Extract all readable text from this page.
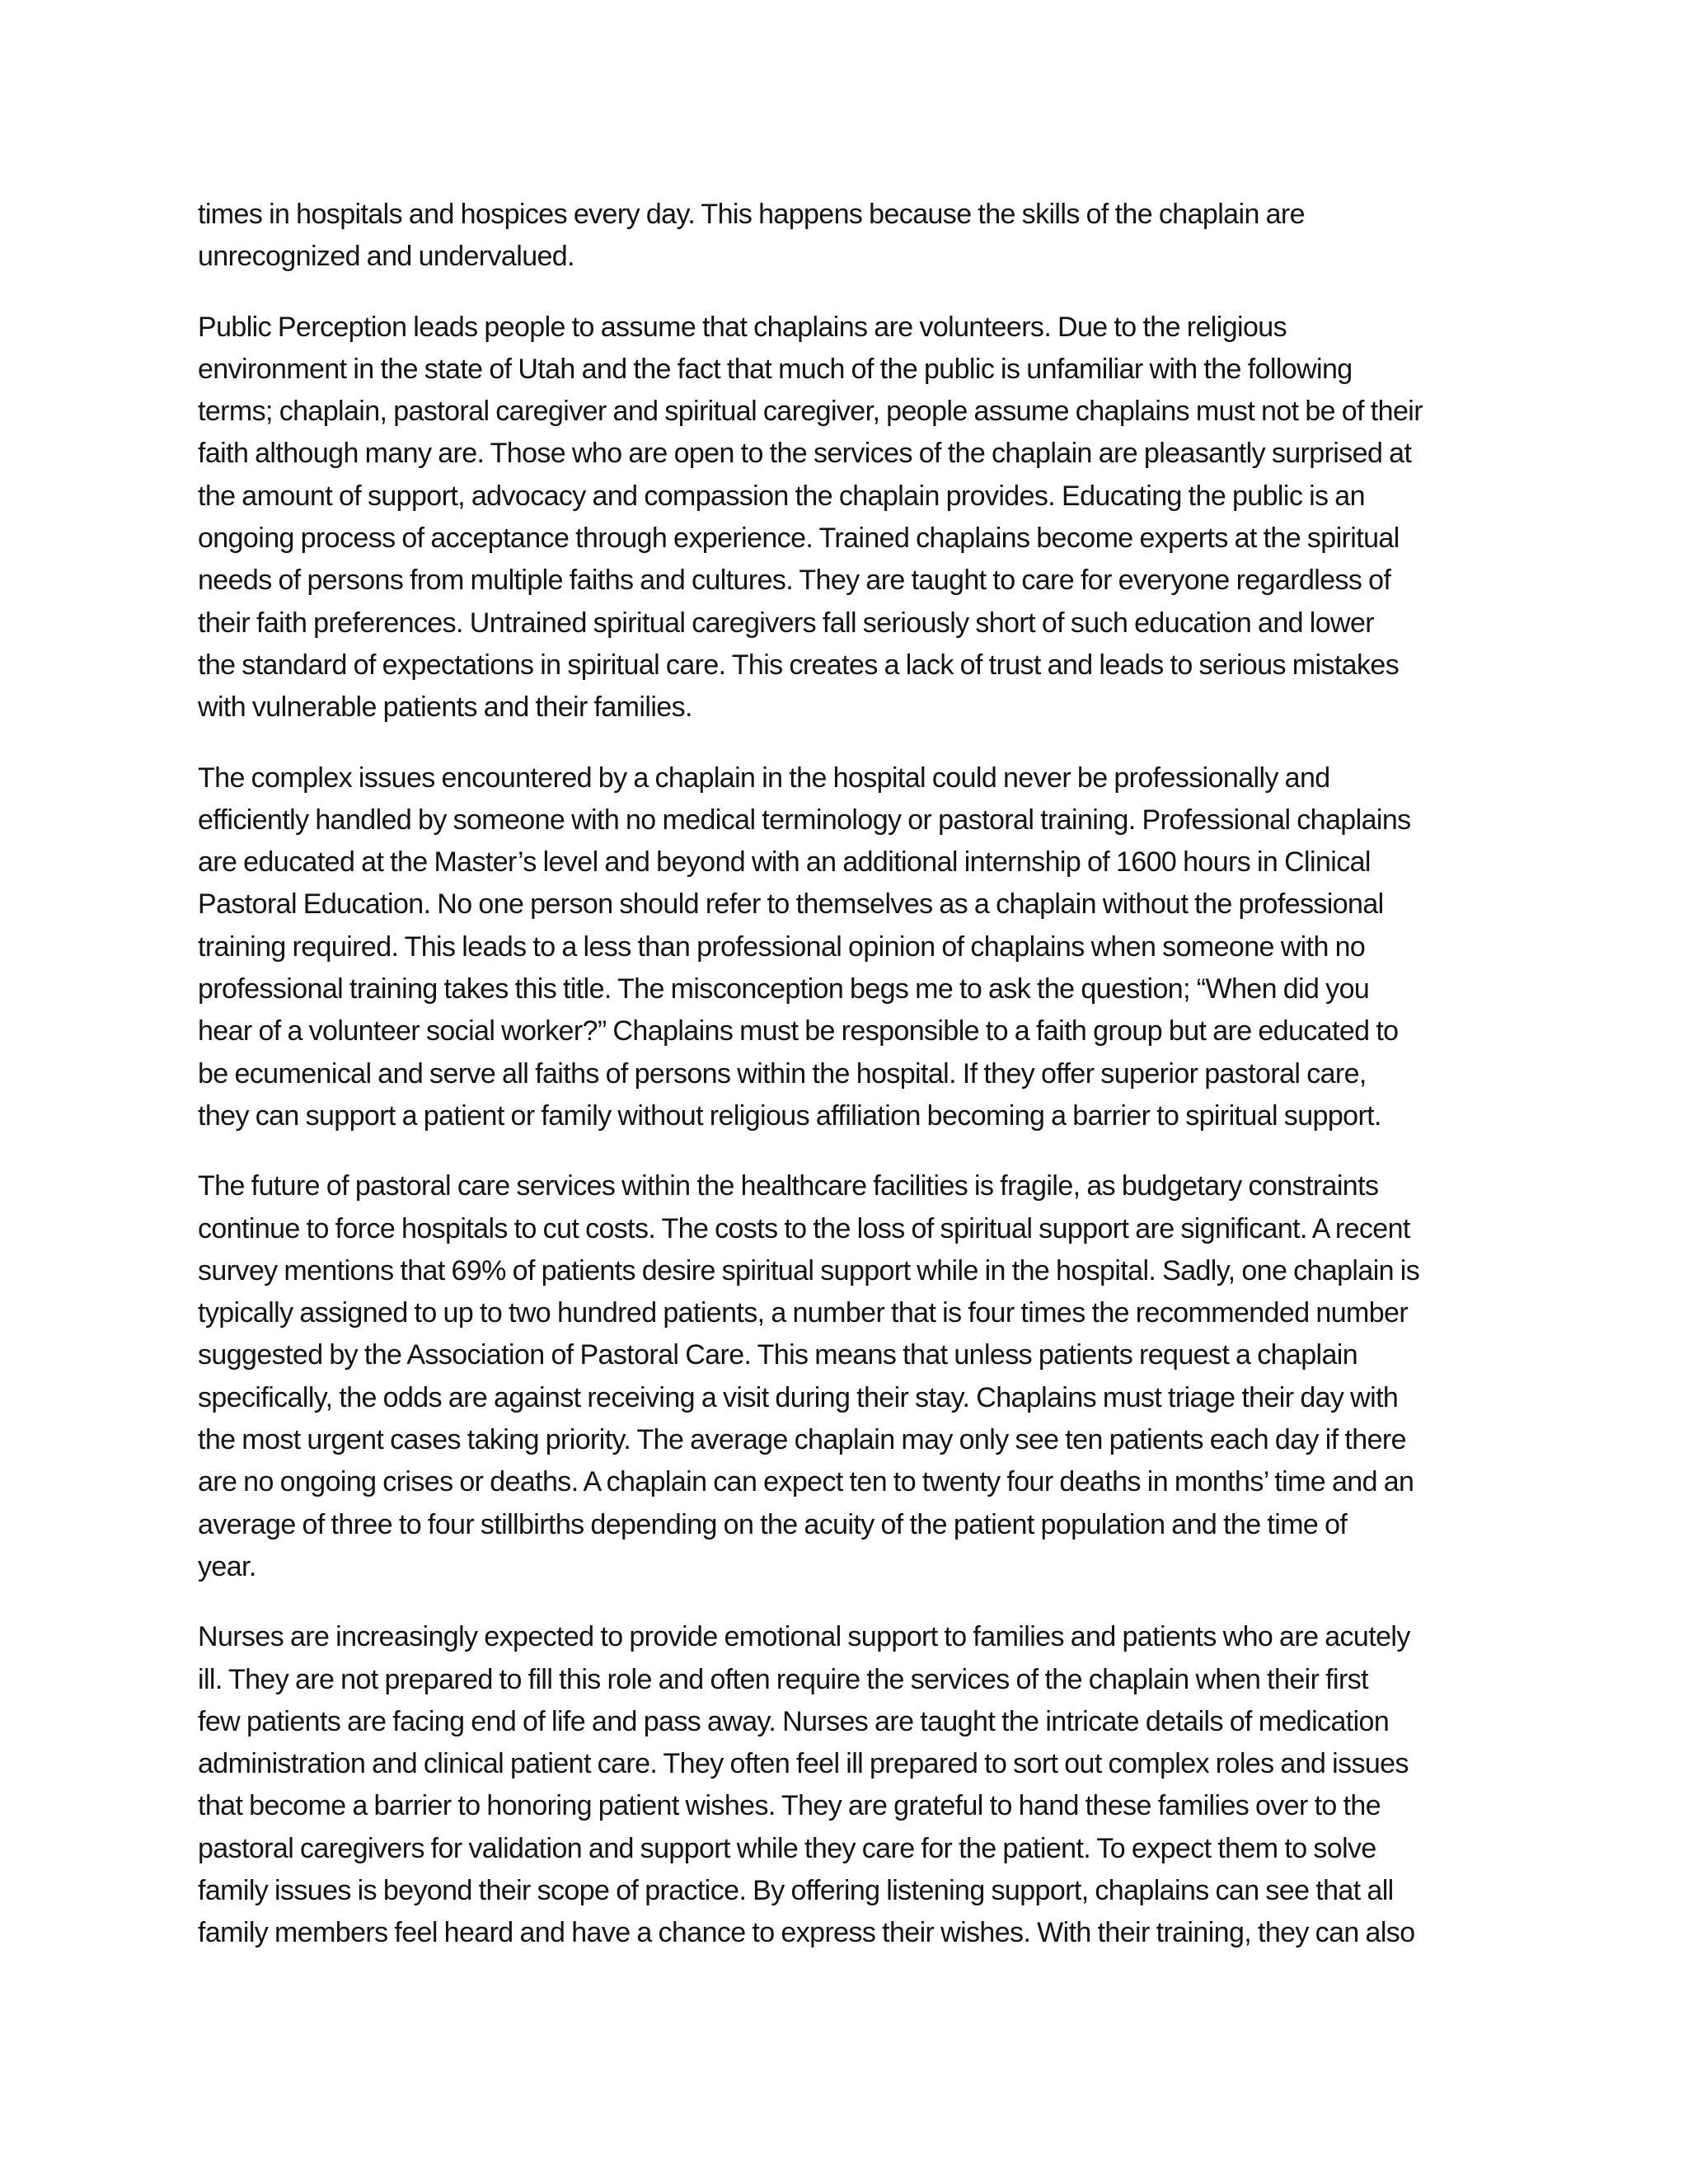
times in hospitals and hospices every day. This happens because the skills of the chaplain are
unrecognized and undervalued.

Public Perception leads people to assume that chaplains are volunteers. Due to the religious
environment in the state of Utah and the fact that much of the public is unfamiliar with the following
terms; chaplain, pastoral caregiver and spiritual caregiver, people assume chaplains must not be of their
faith although many are. Those who are open to the services of the chaplain are pleasantly surprised at
the amount of support, advocacy and compassion the chaplain provides. Educating the public is an
ongoing process of acceptance through experience. Trained chaplains become experts at the spiritual
needs of persons from multiple faiths and cultures. They are taught to care for everyone regardless of
their faith preferences. Untrained spiritual caregivers fall seriously short of such education and lower
the standard of expectations in spiritual care. This creates a lack of trust and leads to serious mistakes
with vulnerable patients and their families.

The complex issues encountered by a chaplain in the hospital could never be professionally and
efficiently handled by someone with no medical terminology or pastoral training. Professional chaplains
are educated at the Master’s level and beyond with an additional internship of 1600 hours in Clinical
Pastoral Education. No one person should refer to themselves as a chaplain without the professional
training required. This leads to a less than professional opinion of chaplains when someone with no
professional training takes this title. The misconception begs me to ask the question; “When did you
hear of a volunteer social worker?” Chaplains must be responsible to a faith group but are educated to
be ecumenical and serve all faiths of persons within the hospital. If they offer superior pastoral care,
they can support a patient or family without religious affiliation becoming a barrier to spiritual support.

The future of pastoral care services within the healthcare facilities is fragile, as budgetary constraints
continue to force hospitals to cut costs. The costs to the loss of spiritual support are significant. A recent
survey mentions that 69% of patients desire spiritual support while in the hospital. Sadly, one chaplain is
typically assigned to up to two hundred patients, a number that is four times the recommended number
suggested by the Association of Pastoral Care. This means that unless patients request a chaplain
specifically, the odds are against receiving a visit during their stay. Chaplains must triage their day with
the most urgent cases taking priority. The average chaplain may only see ten patients each day if there
are no ongoing crises or deaths. A chaplain can expect ten to twenty four deaths in months’ time and an
average of three to four stillbirths depending on the acuity of the patient population and the time of
year.

Nurses are increasingly expected to provide emotional support to families and patients who are acutely
ill. They are not prepared to fill this role and often require the services of the chaplain when their first
few patients are facing end of life and pass away. Nurses are taught the intricate details of medication
administration and clinical patient care. They often feel ill prepared to sort out complex roles and issues
that become a barrier to honoring patient wishes. They are grateful to hand these families over to the
pastoral caregivers for validation and support while they care for the patient. To expect them to solve
family issues is beyond their scope of practice. By offering listening support, chaplains can see that all
family members feel heard and have a chance to express their wishes. With their training, they can also
